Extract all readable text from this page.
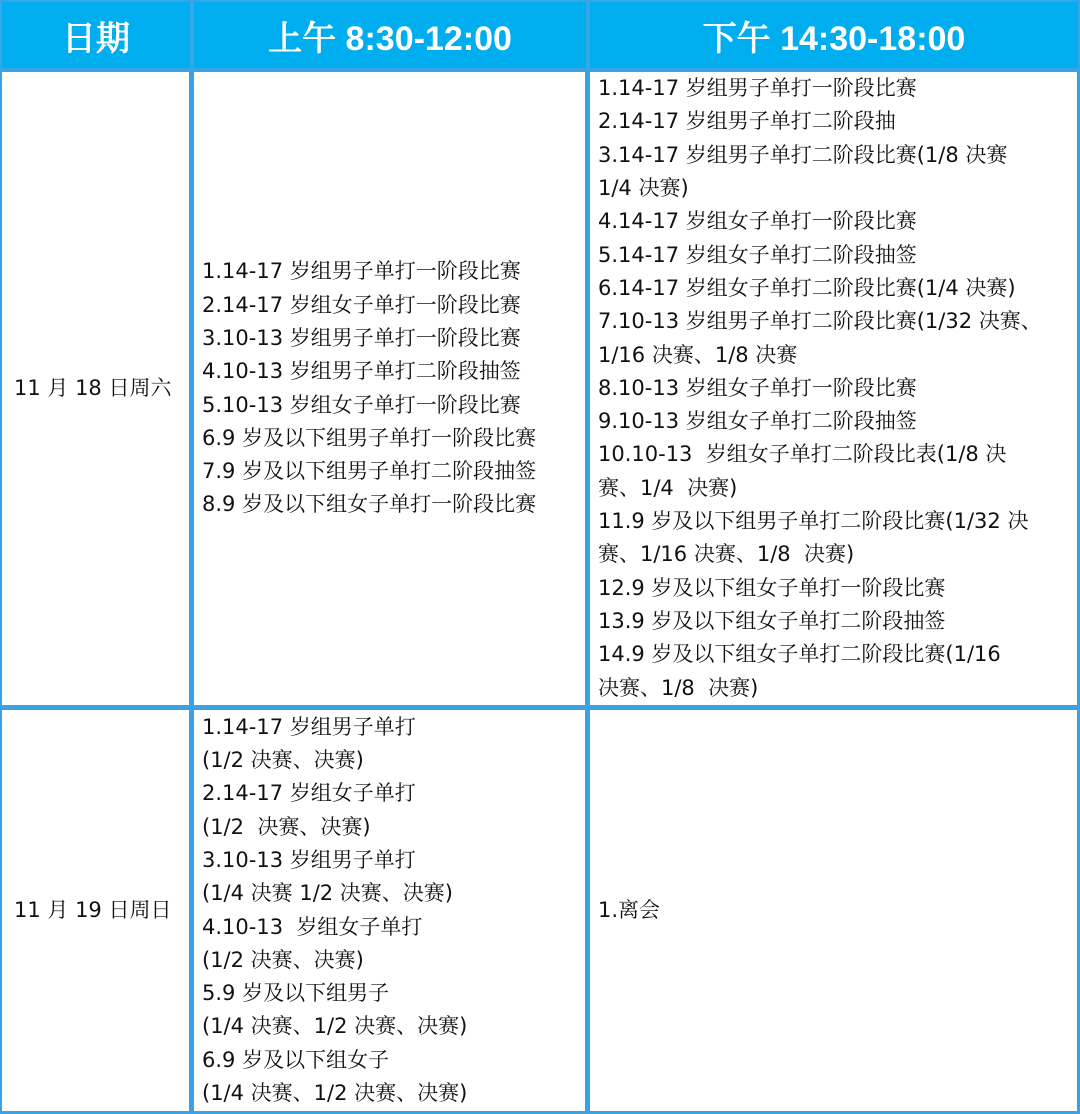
日期	上午 8:30-12:00	下午 14:30-18:00
11 月 18 日周六
1.14-17 岁组男子单打一阶段比赛
2.14-17 岁组女子单打一阶段比赛
3.10-13 岁组男子单打一阶段比赛
4.10-13 岁组男子单打二阶段抽签
5.10-13 岁组女子单打一阶段比赛
6.9 岁及以下组男子单打一阶段比赛
7.9 岁及以下组男子单打二阶段抽签
8.9 岁及以下组女子单打一阶段比赛
1.14-17 岁组男子单打一阶段比赛
2.14-17 岁组男子单打二阶段抽
3.14-17 岁组男子单打二阶段比赛(1/8 决赛
1/4 决赛)
4.14-17 岁组女子单打一阶段比赛
5.14-17 岁组女子单打二阶段抽签
6.14-17 岁组女子单打二阶段比赛(1/4 决赛)
7.10-13 岁组男子单打二阶段比赛(1/32 决赛、
1/16 决赛、1/8 决赛
8.10-13 岁组女子单打一阶段比赛
9.10-13 岁组女子单打二阶段抽签
10.10-13  岁组女子单打二阶段比表(1/8 决
赛、1/4  决赛)
11.9 岁及以下组男子单打二阶段比赛(1/32 决
赛、1/16 决赛、1/8  决赛)
12.9 岁及以下组女子单打一阶段比赛
13.9 岁及以下组女子单打二阶段抽签
14.9 岁及以下组女子单打二阶段比赛(1/16
决赛、1/8  决赛)
11 月 19 日周日
1.14-17 岁组男子单打
(1/2 决赛、决赛)
2.14-17 岁组女子单打
(1/2  决赛、决赛)
3.10-13 岁组男子单打
(1/4 决赛 1/2 决赛、决赛)
4.10-13  岁组女子单打
(1/2 决赛、决赛)
5.9 岁及以下组男子
(1/4 决赛、1/2 决赛、决赛)
6.9 岁及以下组女子
(1/4 决赛、1/2 决赛、决赛)
1.离会
